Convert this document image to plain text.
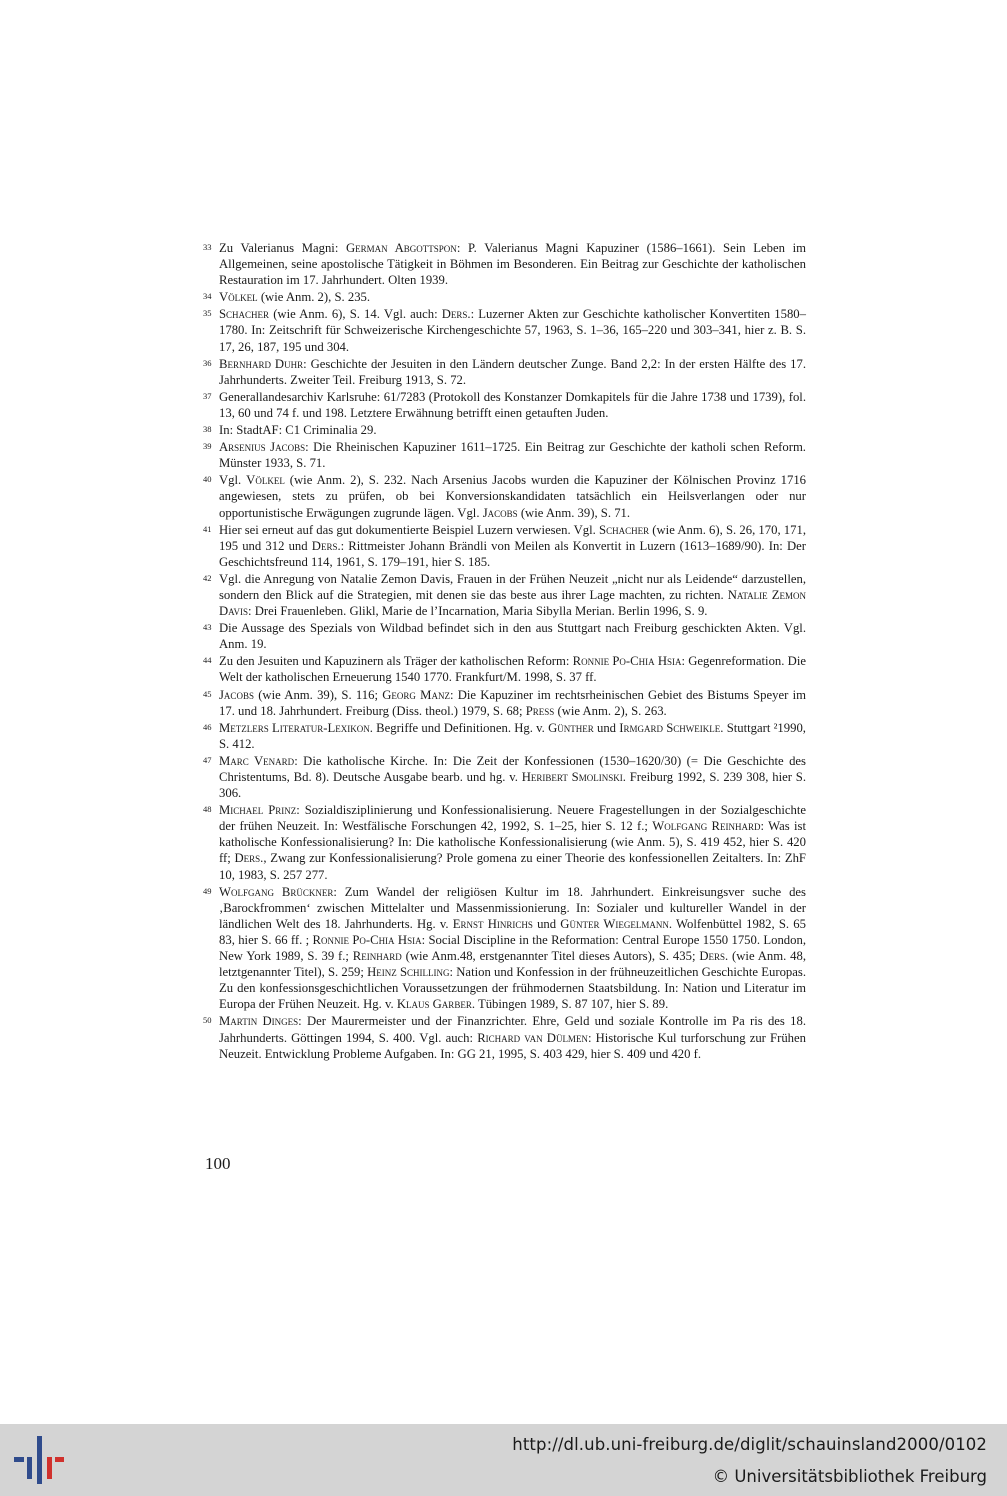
33 Zu Valerianus Magni: German Abgottspon: P. Valerianus Magni Kapuziner (1586–1661). Sein Leben im Allgemeinen, seine apostolische Tätigkeit in Böhmen im Besonderen. Ein Beitrag zur Geschichte der katholischen Restauration im 17. Jahrhundert. Olten 1939.
34 Völkel (wie Anm. 2), S. 235.
35 Schacher (wie Anm. 6), S. 14. Vgl. auch: Ders.: Luzerner Akten zur Geschichte katholischer Konvertiten 1580–1780. In: Zeitschrift für Schweizerische Kirchengeschichte 57, 1963, S. 1–36, 165–220 und 303–341, hier z. B. S. 17, 26, 187, 195 und 304.
36 Bernhard Duhr: Geschichte der Jesuiten in den Ländern deutscher Zunge. Band 2,2: In der ersten Hälfte des 17. Jahrhunderts. Zweiter Teil. Freiburg 1913, S. 72.
37 Generallandesarchiv Karlsruhe: 61/7283 (Protokoll des Konstanzer Domkapitels für die Jahre 1738 und 1739), fol. 13, 60 und 74 f. und 198. Letztere Erwähnung betrifft einen getauften Juden.
38 In: StadtAF: C1 Criminalia 29.
39 Arsenius Jacobs: Die Rheinischen Kapuziner 1611–1725. Ein Beitrag zur Geschichte der katholi schen Reform. Münster 1933, S. 71.
40 Vgl. Völkel (wie Anm. 2), S. 232. Nach Arsenius Jacobs wurden die Kapuziner der Kölnischen Provinz 1716 angewiesen, stets zu prüfen, ob bei Konversionskandidaten tatsächlich ein Heilsverlangen oder nur opportunistische Erwägungen zugrunde lägen. Vgl. Jacobs (wie Anm. 39), S. 71.
41 Hier sei erneut auf das gut dokumentierte Beispiel Luzern verwiesen. Vgl. Schacher (wie Anm. 6), S. 26, 170, 171, 195 und 312 und Ders.: Rittmeister Johann Brändli von Meilen als Konvertit in Luzern (1613–1689/90). In: Der Geschichtsfreund 114, 1961, S. 179–191, hier S. 185.
42 Vgl. die Anregung von Natalie Zemon Davis, Frauen in der Frühen Neuzeit „nicht nur als Leidende“ darzustellen, sondern den Blick auf die Strategien, mit denen sie das beste aus ihrer Lage machten, zu richten. Natalie Zemon Davis: Drei Frauenleben. Glikl, Marie de l’Incarnation, Maria Sibylla Merian. Berlin 1996, S. 9.
43 Die Aussage des Spezials von Wildbad befindet sich in den aus Stuttgart nach Freiburg geschickten Akten. Vgl. Anm. 19.
44 Zu den Jesuiten und Kapuzinern als Träger der katholischen Reform: Ronnie Po-Chia Hsia: Gegenreformation. Die Welt der katholischen Erneuerung 1540 1770. Frankfurt/M. 1998, S. 37 ff.
45 Jacobs (wie Anm. 39), S. 116; Georg Manz: Die Kapuziner im rechtsrheinischen Gebiet des Bistums Speyer im 17. und 18. Jahrhundert. Freiburg (Diss. theol.) 1979, S. 68; Press (wie Anm. 2), S. 263.
46 Metzlers Literatur-Lexikon. Begriffe und Definitionen. Hg. v. Günther und Irmgard Schweikle. Stuttgart ²1990, S. 412.
47 Marc Venard: Die katholische Kirche. In: Die Zeit der Konfessionen (1530–1620/30) (= Die Geschichte des Christentums, Bd. 8). Deutsche Ausgabe bearb. und hg. v. Heribert Smolinski. Freiburg 1992, S. 239 308, hier S. 306.
48 Michael Prinz: Sozialdisziplinierung und Konfessionalisierung. Neuere Fragestellungen in der Sozialgeschichte der frühen Neuzeit. In: Westfälische Forschungen 42, 1992, S. 1–25, hier S. 12 f.; Wolfgang Reinhard: Was ist katholische Konfessionalisierung? In: Die katholische Konfessionalisierung (wie Anm. 5), S. 419 452, hier S. 420 ff; Ders., Zwang zur Konfessionalisierung? Prole gomena zu einer Theorie des konfessionellen Zeitalters. In: ZhF 10, 1983, S. 257 277.
49 Wolfgang Brückner: Zum Wandel der religiösen Kultur im 18. Jahrhundert. Einkreisungsver suche des ‚Barockfrommen‘ zwischen Mittelalter und Massenmissionierung. In: Sozialer und kultureller Wandel in der ländlichen Welt des 18. Jahrhunderts. Hg. v. Ernst Hinrichs und Günter Wiegelmann. Wolfenbüttel 1982, S. 65 83, hier S. 66 ff. ; Ronnie Po-Chia Hsia: Social Discipline in the Reformation: Central Europe 1550 1750. London, New York 1989, S. 39 f.; Reinhard (wie Anm.48, erstgenannter Titel dieses Autors), S. 435; Ders. (wie Anm. 48, letztgenannter Titel), S. 259; Heinz Schilling: Nation und Konfession in der frühneuzeitlichen Geschichte Europas. Zu den konfessionsgeschichtlichen Voraussetzungen der frühmodernen Staatsbildung. In: Nation und Literatur im Europa der Frühen Neuzeit. Hg. v. Klaus Garber. Tübingen 1989, S. 87 107, hier S. 89.
50 Martin Dinges: Der Maurermeister und der Finanzrichter. Ehre, Geld und soziale Kontrolle im Pa ris des 18. Jahrhunderts. Göttingen 1994, S. 400. Vgl. auch: Richard van Dülmen: Historische Kul turforschung zur Frühen Neuzeit. Entwicklung Probleme Aufgaben. In: GG 21, 1995, S. 403 429, hier S. 409 und 420 f.
100
http://dl.ub.uni-freiburg.de/diglit/schauinsland2000/0102
© Universitätsbibliothek Freiburg
